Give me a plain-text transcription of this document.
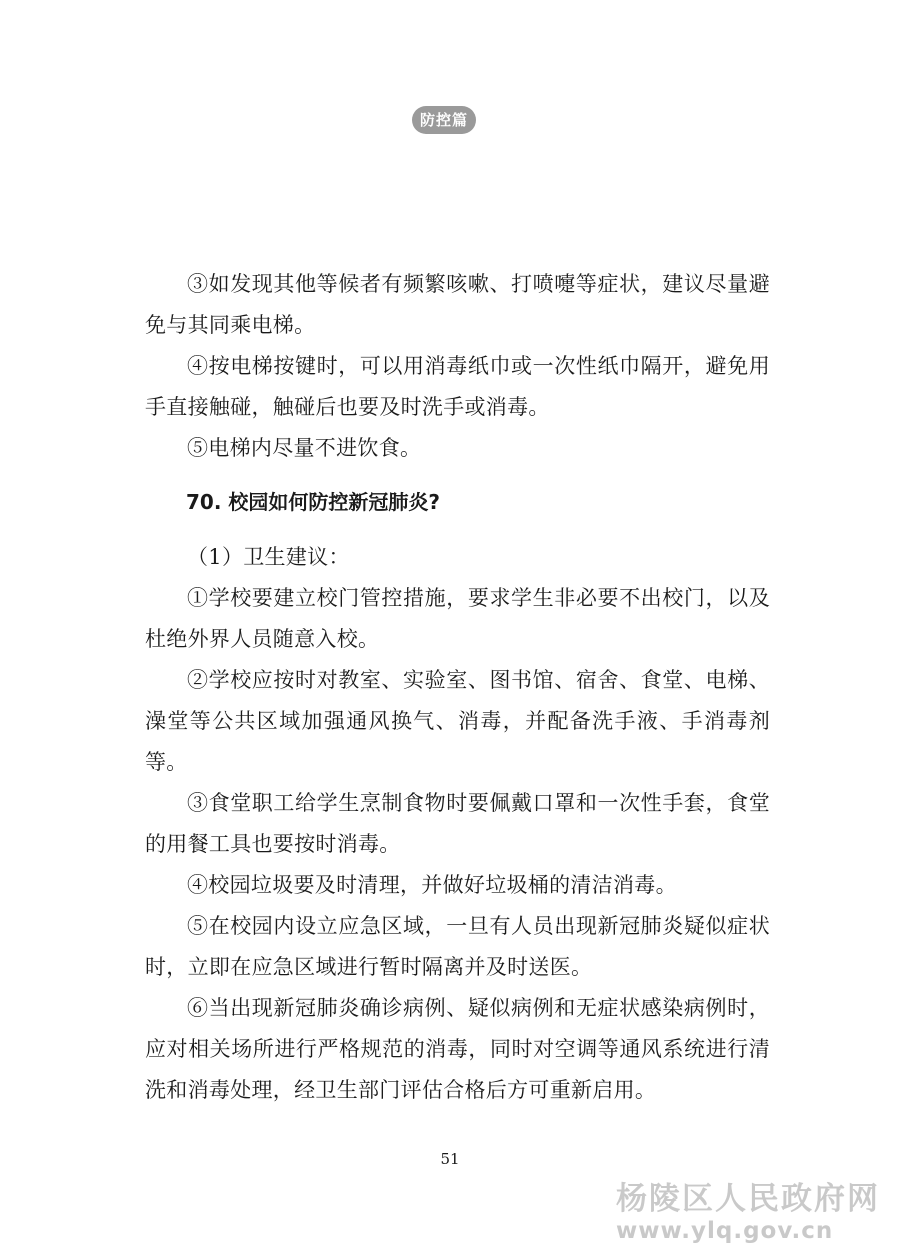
防控篇

③如发现其他等候者有频繁咳嗽、打喷嚏等症状，建议尽量避免与其同乘电梯。

④按电梯按键时，可以用消毒纸巾或一次性纸巾隔开，避免用手直接触碰，触碰后也要及时洗手或消毒。

⑤电梯内尽量不进饮食。

70. 校园如何防控新冠肺炎?

（1）卫生建议：

①学校要建立校门管控措施，要求学生非必要不出校门，以及杜绝外界人员随意入校。

②学校应按时对教室、实验室、图书馆、宿舍、食堂、电梯、澡堂等公共区域加强通风换气、消毒，并配备洗手液、手消毒剂等。

③食堂职工给学生烹制食物时要佩戴口罩和一次性手套，食堂的用餐工具也要按时消毒。

④校园垃圾要及时清理，并做好垃圾桶的清洁消毒。

⑤在校园内设立应急区域，一旦有人员出现新冠肺炎疑似症状时，立即在应急区域进行暂时隔离并及时送医。

⑥当出现新冠肺炎确诊病例、疑似病例和无症状感染病例时，应对相关场所进行严格规范的消毒，同时对空调等通风系统进行清洗和消毒处理，经卫生部门评估合格后方可重新启用。

51
杨陵区人民政府网
www.ylq.gov.cn
